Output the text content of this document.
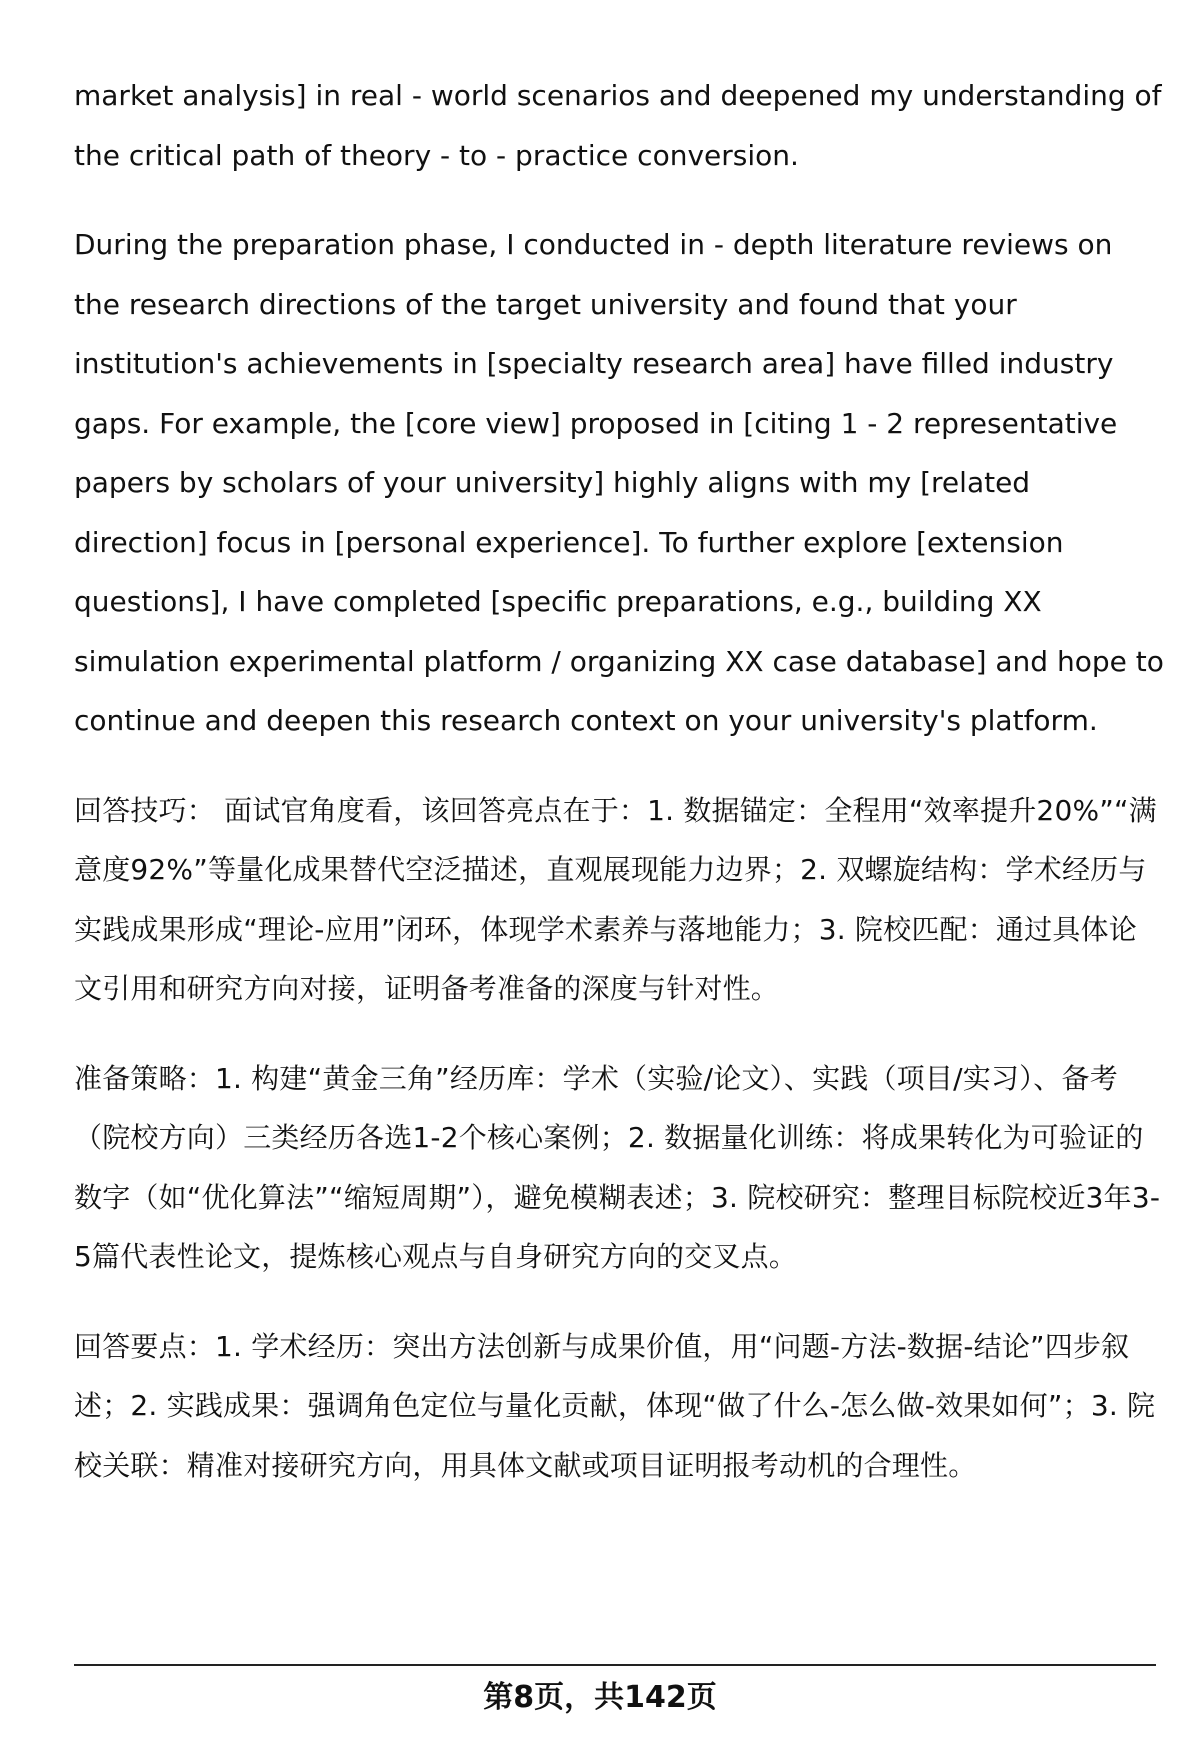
market analysis] in real - world scenarios and deepened my understanding of the critical path of theory - to - practice conversion.

During the preparation phase, I conducted in - depth literature reviews on the research directions of the target university and found that your institution's achievements in [specialty research area] have filled industry gaps. For example, the [core view] proposed in [citing 1 - 2 representative papers by scholars of your university] highly aligns with my [related direction] focus in [personal experience]. To further explore [extension questions], I have completed [specific preparations, e.g., building XX simulation experimental platform / organizing XX case database] and hope to continue and deepen this research context on your university's platform.

回答技巧： 面试官角度看，该回答亮点在于：1. 数据锚定：全程用“效率提升20%”“满意度92%”等量化成果替代空泛描述，直观展现能力边界；2. 双螺旋结构：学术经历与实践成果形成“理论-应用”闭环，体现学术素养与落地能力；3. 院校匹配：通过具体论文引用和研究方向对接，证明备考准备的深度与针对性。

准备策略：1. 构建“黄金三角”经历库：学术（实验/论文）、实践（项目/实习）、备考（院校方向）三类经历各选1-2个核心案例；2. 数据量化训练：将成果转化为可验证的数字（如“优化算法”“缩短周期”），避免模糊表述；3. 院校研究：整理目标院校近3年3-5篇代表性论文，提炼核心观点与自身研究方向的交叉点。

回答要点：1. 学术经历：突出方法创新与成果价值，用“问题-方法-数据-结论”四步叙述；2. 实践成果：强调角色定位与量化贡献，体现“做了什么-怎么做-效果如何”；3. 院校关联：精准对接研究方向，用具体文献或项目证明报考动机的合理性。

第8页，共142页
